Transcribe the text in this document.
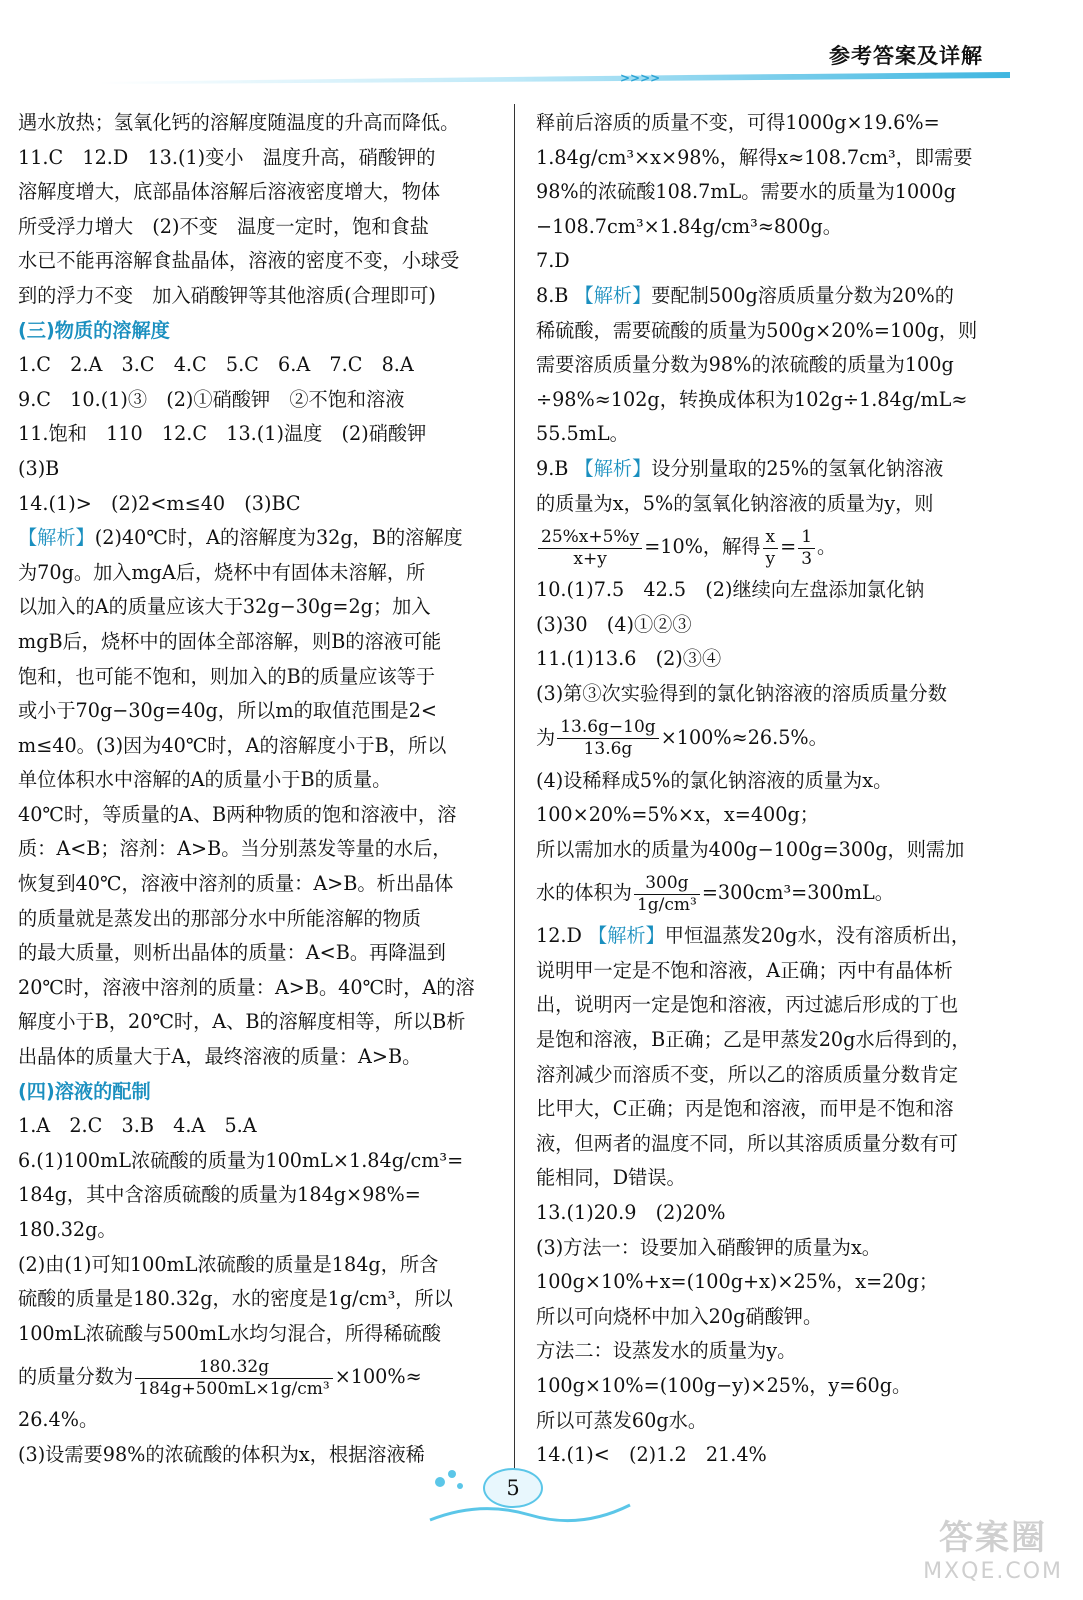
参考答案及详解
>>>>
遇水放热；氢氧化钙的溶解度随温度的升高而降低。
11.C　12.D　13.(1)变小　温度升高，硝酸钾的
溶解度增大，底部晶体溶解后溶液密度增大，物体
所受浮力增大　(2)不变　温度一定时，饱和食盐
水已不能再溶解食盐晶体，溶液的密度不变，小球受
到的浮力不变　加入硝酸钾等其他溶质(合理即可)
(三)物质的溶解度
1.C　2.A　3.C　4.C　5.C　6.A　7.C　8.A
9.C　10.(1)③　(2)①硝酸钾　②不饱和溶液
11.饱和　110　12.C　13.(1)温度　(2)硝酸钾
(3)B
14.(1)>　(2)2<m≤40　(3)BC
【解析】(2)40℃时，A的溶解度为32g，B的溶解度
为70g。加入mgA后，烧杯中有固体未溶解，所
以加入的A的质量应该大于32g−30g=2g；加入
mgB后，烧杯中的固体全部溶解，则B的溶液可能
饱和，也可能不饱和，则加入的B的质量应该等于
或小于70g−30g=40g，所以m的取值范围是2<
m≤40。(3)因为40℃时，A的溶解度小于B，所以
单位体积水中溶解的A的质量小于B的质量。
40℃时，等质量的A、B两种物质的饱和溶液中，溶
质：A<B；溶剂：A>B。当分别蒸发等量的水后，
恢复到40℃，溶液中溶剂的质量：A>B。析出晶体
的质量就是蒸发出的那部分水中所能溶解的物质
的最大质量，则析出晶体的质量：A<B。再降温到
20℃时，溶液中溶剂的质量：A>B。40℃时，A的溶
解度小于B，20℃时，A、B的溶解度相等，所以B析
出晶体的质量大于A，最终溶液的质量：A>B。
(四)溶液的配制
1.A　2.C　3.B　4.A　5.A
6.(1)100mL浓硫酸的质量为100mL×1.84g/cm³=
184g，其中含溶质硫酸的质量为184g×98%=
180.32g。
(2)由(1)可知100mL浓硫酸的质量是184g，所含
硫酸的质量是180.32g，水的密度是1g/cm³，所以
100mL浓硫酸与500mL水均匀混合，所得稀硫酸
的质量分数为 $\frac{180.32g}{\text{184g+500mL×1g/cm³}} \times 100\%\approx$
26.4%。
(3)设需要98%的浓硫酸的体积为x，根据溶液稀
释前后溶质的质量不变，可得1000g×19.6%=
1.84g/cm³×x×98%，解得x≈108.7cm³，即需要
98%的浓硫酸108.7mL。需要水的质量为1000g
−108.7cm³×1.84g/cm³≈800g。
7.D
8.B 【解析】要配制500g溶质质量分数为20%的
稀硫酸，需要硫酸的质量为500g×20%=100g，则
需要溶质质量分数为98%的浓硫酸的质量为100g
÷98%≈102g，转换成体积为102g÷1.84g/mL≈
55.5mL。
9.B 【解析】设分别量取的25%的氢氧化钠溶液
的质量为x，5%的氢氧化钠溶液的质量为y，则
$\frac{25\%x+5\%y}{x+y} =10\%$，解得 $\frac{x}{y} = \frac{1}{3}$ 。
10.(1)7.5　42.5　(2)继续向左盘添加氯化钠
(3)30　(4)①②③
11.(1)13.6　(2)③④
(3)第③次实验得到的氯化钠溶液的溶质质量分数
为 $\frac{13.6g-10g}{13.6g} \times 100\%\approx 26.5\%$。
(4)设稀释成5%的氯化钠溶液的质量为x。
100×20%=5%×x，x=400g；
所以需加水的质量为400g−100g=300g，则需加
水的体积为 $\frac{300g}{\text{1g/cm³}} =300cm^3=300mL$。
12.D 【解析】甲恒温蒸发20g水，没有溶质析出，
说明甲一定是不饱和溶液，A正确；丙中有晶体析
出，说明丙一定是饱和溶液，丙过滤后形成的丁也
是饱和溶液，B正确；乙是甲蒸发20g水后得到的，
溶剂减少而溶质不变，所以乙的溶质质量分数肯定
比甲大，C正确；丙是饱和溶液，而甲是不饱和溶
液，但两者的温度不同，所以其溶质质量分数有可
能相同，D错误。
13.(1)20.9　(2)20%
(3)方法一：设要加入硝酸钾的质量为x。
100g×10%+x=(100g+x)×25%，x=20g；
所以可向烧杯中加入20g硝酸钾。
方法二：设蒸发水的质量为y。
100g×10%=(100g−y)×25%，y=60g。
所以可蒸发60g水。
14.(1)<　(2)1.2　21.4%
5
答案圈
MXQE.COM
